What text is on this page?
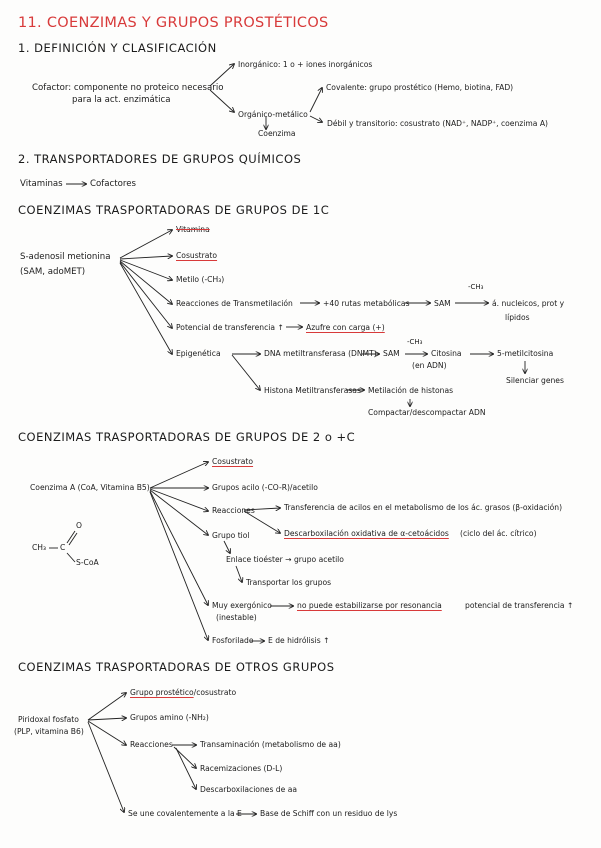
11. COENZIMAS Y GRUPOS PROSTÉTICOS
1. DEFINICIÓN Y CLASIFICACIÓN
Cofactor: componente no proteico necesario
para la act. enzimática
Inorgánico: 1 o + iones inorgánicos
Orgánico-metálico
Coenzima
Covalente: grupo prostético (Hemo, biotina, FAD)
Débil y transitorio: cosustrato (NAD⁺, NADP⁺, coenzima A)
2. TRANSPORTADORES DE GRUPOS QUÍMICOS
Vitaminas	Cofactores
COENZIMAS TRASPORTADORAS DE GRUPOS DE 1C
S-adenosil metionina
(SAM, adoMET)
Vitamina
Cosustrato
Metilo (-CH₃)
Reacciones de Transmetilación	+40 rutas metabólicas	SAM
-CH₃
á. nucleicos, prot y
lípidos
Potencial de transferencia ↑	Azufre con carga (+)
Epigenética	DNA metiltransferasa (DNMT) SAM
-CH₃
(en ADN)
Citosina	5-metilcitosina
Silenciar genes
Histona Metiltransferasas Metilación de histonas
Compactar/descompactar ADN
COENZIMAS TRASPORTADORAS DE GRUPOS DE 2 o +C
Coenzima A (CoA, Vitamina B5)
Cosustrato
Grupos acilo (-CO-R)/acetilo
Reacciones	Transferencia de acilos en el metabolismo de los ác. grasos (β-oxidación)
Descarboxilación oxidativa de α-cetoácidos (ciclo del ác. cítrico)
Grupo tiol
Enlace tioéster → grupo acetilo
Transportar los grupos
Muy exergónico
(inestable)
no puede estabilizarse por resonancia	potencial de transferencia ↑
Fosforilado E de hidrólisis ↑
CH₃ C
O
S-CoA
COENZIMAS TRASPORTADORAS DE OTROS GRUPOS
Piridoxal fosfato
(PLP, vitamina B6)
Grupo prostético/cosustrato
Grupos amino (-NH₂)
Reacciones	Transaminación (metabolismo de aa)
Racemizaciones (D-L)
Descarboxilaciones de aa
Se une covalentemente a la E Base de Schiff con un residuo de lys
